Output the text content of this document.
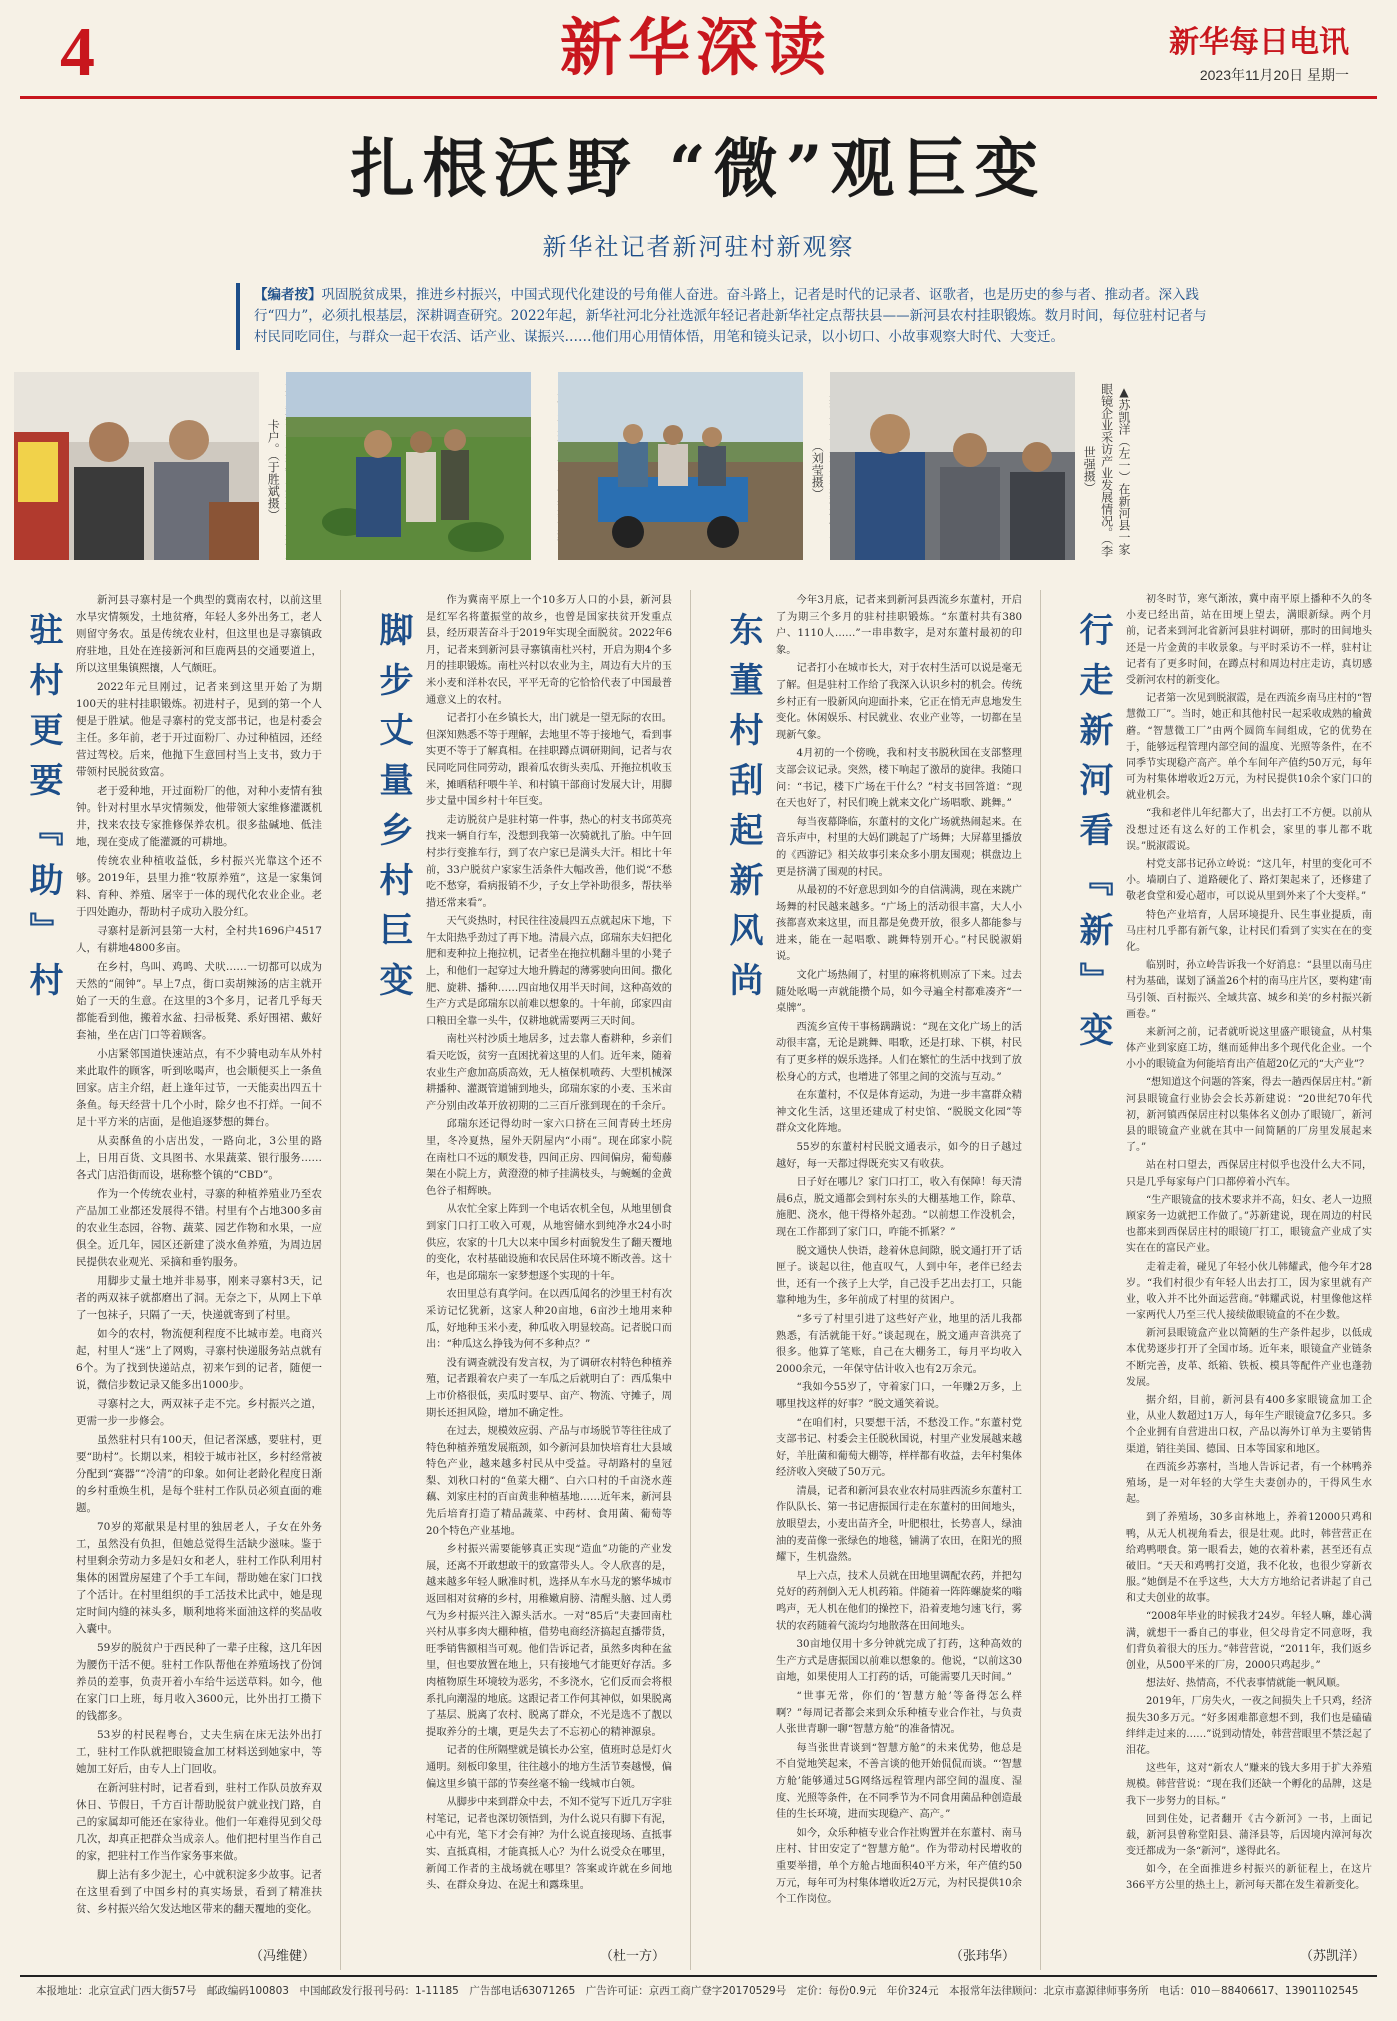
4	新华深读	新华每日电讯
2023年11月20日 星期一
扎根沃野 “微”观巨变
新华社记者新河驻村新观察
【编者按】巩固脱贫成果，推进乡村振兴，中国式现代化建设的号角催人奋进。奋斗路上，记者是时代的记录者、讴歌者，也是历史的参与者、推动者。深入践行“四力”，必须扎根基层，深耕调查研究。2022年起，新华社河北分社选派年轻记者赴新华社定点帮扶县——新河县农村挂职锻炼。数月时间，每位驻村记者与村民同吃同住，与群众一起干农活、话产业、谋振兴……他们用心用情体悟，用笔和镜头记录，以小切口、小故事观察大时代、大变迁。
卡户。（于胜斌摄）	（刘莹摄）	▲苏凯洋（左一）在新河县一家眼镜企业采访产业发展情况。（李世强摄）
驻村更要『助』村

新河县寻寨村是一个典型的冀南农村，以前这里水旱灾情频发，土地贫瘠，年轻人多外出务工，老人则留守务农。虽是传统农业村，但这里也是寻寨镇政府驻地，且处在连接新河和巨鹿两县的交通要道上，所以这里集镇熙攘，人气颇旺。

2022年元旦刚过，记者来到这里开始了为期100天的驻村挂职锻炼。初进村子，见到的第一个人便是于胜斌。他是寻寨村的党支部书记，也是村委会主任。多年前，老于开过面粉厂、办过种植园，还经营过驾校。后来，他抛下生意回村当上支书，致力于带领村民脱贫致富。

老于爱种地，开过面粉厂的他，对种小麦情有独钟。针对村里水旱灾情频发，他带领大家维修灌溉机井，找来农技专家推修保养农机。很多盐碱地、低洼地，现在变成了能灌溉的可耕地。

传统农业种植收益低，乡村振兴光靠这个还不够。2019年，县里力推“牧原养殖”，这是一家集饲料、育种、养殖、屠宰于一体的现代化农业企业。老于四处跑办，帮助村子成功入股分红。

寻寨村是新河县第一大村，全村共1696户4517人，有耕地4800多亩。

在乡村，鸟叫、鸡鸣、犬吠……一切都可以成为天然的“闹钟”。早上7点，街口卖胡辣汤的店主就开始了一天的生意。在这里的3个多月，记者几乎每天都能看到他，搬着水盆、扫帚板凳、系好围裙、戴好套袖，坐在店门口等着顾客。

小店紧邻国道快速站点，有不少骑电动车从外村来此取件的顾客，听到吆喝声，也会顺便买上一条鱼回家。店主介绍，赶上逢年过节，一天能卖出四五十条鱼。每天经营十几个小时，除夕也不打烊。一间不足十平方米的店面，是他追逐梦想的舞台。

从卖酥鱼的小店出发，一路向北，3公里的路上，日用百货、文具图书、水果蔬菜、银行服务……各式门店沿街而设，堪称整个镇的“CBD”。

作为一个传统农业村，寻寨的种植养殖业乃至农产品加工业都还发展得不错。村里有个占地300多亩的农业生态园，谷物、蔬菜、园艺作物和水果，一应俱全。近几年，园区还新建了淡水鱼养殖，为周边居民提供农业观光、采摘和垂钓服务。

用脚步丈量土地并非易事，刚来寻寨村3天，记者的两双袜子就都磨出了洞。无奈之下，从网上下单了一包袜子，只隔了一天，快递就寄到了村里。

如今的农村，物流便利程度不比城市差。电商兴起，村里人“迷”上了网购，寻寨村快递服务站点就有6个。为了找到快递站点，初来乍到的记者，随便一说，微信步数记录又能多出1000步。

寻寨村之大，两双袜子走不完。乡村振兴之道，更需一步一步修会。

虽然驻村只有100天，但记者深感，要驻村，更要“助村”。长期以来，相较于城市社区，乡村经常被分配到“赛器”“冷清”的印象。如何让老龄化程度日渐的乡村重焕生机，是每个驻村工作队员必须直面的难题。

70岁的郑献果是村里的独居老人，子女在外务工，虽然没有负担，但她总觉得生活缺少滋味。鉴于村里剩余劳动力多是妇女和老人，驻村工作队利用村集体的困置房屋建了个手工车间，帮助她在家门口找了个活计。在村里组织的手工活技术比武中，她是现定时间内缝的袜头多，顺利地将米面油这样的奖品收入囊中。

59岁的脱贫户于西民种了一辈子庄稼，这几年因为腰伤干活不便。驻村工作队帮他在养殖场找了份饲养员的差事，负责开着小车给牛运送草料。如今，他在家门口上班，每月收入3600元，比外出打工攒下的钱都多。

53岁的村民程粤台，丈夫生病在床无法外出打工，驻村工作队就把眼镜盒加工材料送到她家中，等她加工好后，由专人上门回收。

在新河驻村时，记者看到，驻村工作队员放弃双休日、节假日，千方百计帮助脱贫户就业找门路，自己的家属却可能还在家待业。他们一年难得见到父母几次，却真正把群众当成亲人。他们把村里当作自己的家，把驻村工作当作家务事来做。

脚上沾有多少泥土，心中就积淀多少故事。记者在这里看到了中国乡村的真实场景，看到了精准扶贫、乡村振兴给欠发达地区带来的翻天覆地的变化。

（冯维健）
脚步丈量乡村巨变

作为冀南平原上一个10多万人口的小县，新河县是红军名将董振堂的故乡，也曾是国家扶贫开发重点县，经历艰苦奋斗于2019年实现全面脱贫。2022年6月，记者来到新河县寻寨镇南杜兴村，开启为期4个多月的挂职锻炼。南杜兴村以农业为主，周边有大片的玉米小麦和洋朴农民，平平无奇的它恰恰代表了中国最普通意义上的农村。

记者打小在乡镇长大，出门就是一望无际的农田。但深知熟悉不等于理解，去地里不等于接地气，看到事实更不等于了解真相。在挂职蹲点调研期间，记者与农民同吃同住同劳动，跟着瓜农街头卖瓜、开拖拉机收玉米，摊晒秸秆喂牛羊、和村镇干部商讨发展大计，用脚步丈量中国乡村十年巨变。

走访脱贫户是驻村第一件事，热心的村支书邱英亮找来一辆自行车，没想到我第一次骑就扎了胎。中午回村歩行变推车行，到了农户家已是满头大汗。相比十年前，33户脱贫户家家生活条件大幅改善，他们说“不愁吃不愁穿，看病报销不少，子女上学补助很多，帮扶举措还常来看”。

天气炎热时，村民往往凌晨四五点就起床下地，下午太阳热乎劲过了再下地。清晨六点，邱瑞东夫妇把化肥和麦种拉上拖拉机，记者坐在拖拉机翻斗里的小凳子上，和他们一起穿过大地升腾起的薄雾驶向田间。撒化肥、旋耕、播种……四亩地仅用半天时间，这种高效的生产方式是邱瑞东以前难以想象的。十年前，邱家四亩口粮田全靠一头牛，仅耕地就需要两三天时间。

南杜兴村沙质土地居多，过去靠人畜耕种，乡亲们看天吃饭，贫穷一直困扰着这里的人们。近年来，随着农业生产愈加高质高效，无人植保机喷药、大型机械深耕播种、灌溉管道铺到地头，邱瑞东家的小麦、玉米亩产分别由改革开放初期的二三百斤涨到现在的千余斤。

邱瑞东还记得幼时一家六口挤在三间青砖土坯房里，冬冷夏热，屋外天阴屋内“小雨”。现在邱家小院在南杜口不远的顺发巷，四间正房、四间偏房，葡萄藤架在小院上方，黄澄澄的柿子挂满枝头，与蜿蜒的金黄色谷子相辉映。

从农忙全家上阵到一个电话农机全包，从地里刨食到家门口打工收入可观，从地窖储水到纯净水24小时供应，农家的十几大以来中国乡村面貌发生了翻天覆地的变化，农村基础设施和农民居住环境不断改善。这十年，也是邱瑞东一家梦想逐个实现的十年。

农田里总有真学问。在以西瓜闻名的沙里王村有次采访记忆犹新，这家人种20亩地，6亩沙土地用来种瓜，好地种玉米小麦，种瓜收入明显较高。记者脱口而出：“种瓜这么挣钱为何不多种点？”

没有调查就没有发言权，为了调研农村特色种植养殖，记者跟着农户卖了一车瓜之后就明白了：西瓜集中上市价格很低，卖瓜时要早、亩产、物流、守摊子，周期长还担风险，增加不确定性。

在过去，规模效应弱、产品与市场脱节等往往成了特色种植养殖发展瓶颈，如今新河县加快培育壮大县域特色产业，越来越多村民从中受益。寻胡路村的皇冠梨、刘秋口村的“鱼菜大棚”、白六口村的千亩浇水莲藕、刘家庄村的百亩黄韭种植基地……近年来，新河县先后培育打造了精品蔬菜、中药材、食用菌、葡萄等20个特色产业基地。

乡村振兴需要能够真正实现“造血”功能的产业发展，还离不开敢想敢干的致富带头人。令人欣喜的是，越来越多年轻人瞅准时机，选择从车水马龙的繁华城市返回相对贫瘠的乡村，用稚嫩肩膀、清醒头脑、过人勇气为乡村振兴注入源头活水。一对“85后”夫妻回南杜兴村从事多肉大棚种植，借势电商经济搞起直播带货，旺季销售额相当可观。他们告诉记者，虽然多肉种在盆里，但也要放置在地上，只有接地气才能更好存活。多肉植物原生环境较为恶劣，不多浇水，它们反而会将根系扎向潮湿的地底。这跟记者工作何其神似，如果脱离了基层、脱离了农村、脱离了群众，不光是选不了靓以提取养分的土壤，更是失去了不忘初心的精神源泉。

记者的住所隔壁就是镇长办公室，值班时总是灯火通明。刻板印象里，往往越小的地方生活节奏越慢，偏偏这里乡镇干部的节奏丝毫不输一线城市白领。

从脚步中来到群众中去，不知不觉写下近几万字驻村笔记，记者也深切领悟到，为什么说只有脚下有泥，心中有光，笔下才会有神？为什么说直接现场、直抵事实、直抵真相，才能真抵人心？为什么说受众在哪里，新闻工作者的主战场就在哪里？答案或许就在乡间地头、在群众身边、在泥土和露珠里。

（杜一方）
东董村刮起新风尚

今年3月底，记者来到新河县西流乡东董村，开启了为期三个多月的驻村挂职锻炼。“东董村共有380户、1110人……”一串串数字，是对东董村最初的印象。

记者打小在城市长大，对于农村生活可以说是毫无了解。但是驻村工作给了我深入认识乡村的机会。传统乡村正有一股新风向迎面扑来，它正在悄无声息地发生变化。休闲娱乐、村民就业、农业产业等，一切都在呈现新气象。

4月初的一个傍晚，我和村支书脱秋国在支部整理支部会议记录。突然，楼下响起了激昂的旋律。我随口问：“书记，楼下广场在干什么？”村支书回答道：“现在天也好了，村民们晚上就来文化广场唱歌、跳舞。”

每当夜幕降临，东董村的文化广场就热闹起来。在音乐声中，村里的大妈们跳起了广场舞；大屏幕里播放的《西游记》相关故事引来众多小朋友围观；棋盘边上更是挤满了围观的村民。

从最初的不好意思到如今的自信满满，现在来跳广场舞的村民越来越多。“广场上的活动很丰富，大人小孩都喜欢来这里，而且都是免费开放，很多人都能参与进来，能在一起唱歌、跳舞特别开心。”村民脱淑娟说。

文化广场热闹了，村里的麻将机则凉了下来。过去随处吆喝一声就能攒个局，如今寻遍全村都难凑齐“一桌牌”。

西流乡宣传干事杨蹒蹒说：“现在文化广场上的活动很丰富，无论是跳舞、唱歌，还是打球、下棋，村民有了更多样的娱乐选择。人们在繁忙的生活中找到了放松身心的方式，也增进了邻里之间的交流与互动。”

在东董村，不仅是体育运动，为进一步丰富群众精神文化生活，这里还建成了村史馆、“脱脱文化园”等群众文化阵地。

55岁的东董村村民脱文通表示，如今的日子越过越好，每一天都过得既充实又有收获。

日子好在哪儿？家门口打工，收入有保障！每天清晨6点，脱文通都会到村东头的大棚基地工作，除草、施肥、浇水，他干得格外起劲。“以前想工作没机会，现在工作都到了家门口，咋能不抓紧？”

脱文通快人快语，趁着休息间隙，脱文通打开了话匣子。谈起以往，他直叹气，人到中年，老伴已经去世，还有一个孩子上大学，自己没手艺出去打工，只能靠种地为生，多年前成了村里的贫困户。

“多亏了村里引进了这些好产业，地里的活儿我都熟悉，有活就能干好。”谈起现在，脱文通声音洪亮了很多。他算了笔账，自己在大棚务工，每月平均收入2000余元，一年保守估计收入也有2万余元。

“我如今55岁了，守着家门口，一年赚2万多，上哪里找这样的好事？”脱文通笑着说。

“在咱们村，只要想干活，不愁没工作。”东董村党支部书记、村委会主任脱秋国说，村里产业发展越来越好，羊肚菌和葡萄大棚等，样样都有收益，去年村集体经济收入突破了50万元。

清晨，记者和新河县农业农村局驻西流乡东董村工作队队长、第一书记唐振国行走在东董村的田间地头，放眼望去，小麦出苗齐全，叶肥根壮，长势喜人，绿油油的麦苗像一张绿色的地毯，铺满了农田，在阳光的照耀下，生机盎然。

早上六点，技术人员就在田地里调配农药，并把勾兑好的药剂倒入无人机药箱。伴随着一阵阵螺旋桨的嗡鸣声，无人机在他们的操控下，沿着麦地匀速飞行，雾状的农药随着气流均匀地散落在田间地头。

30亩地仅用十多分钟就完成了打药，这种高效的生产方式是唐振国以前难以想象的。他说，“以前这30亩地，如果使用人工打药的话，可能需要几天时间。”

“世事无常，你们的‘智慧方舱’等备得怎么样啊？”每周记者都会来到众乐种植专业合作社，与负责人张世青聊一聊“智慧方舱”的准备情况。

每当张世青谈到“智慧方舱”的未来优势，他总是不自觉地笑起来，不善言谈的他开始侃侃而谈。“‘智慧方舱’能够通过5G网络远程管理内部空间的温度、湿度、光照等条件，在不同季节为不同食用菌品种创造最佳的生长环境，进而实现稳产、高产。”

如今，众乐种植专业合作社购置并在东董村、南马庄村、甘田安定了“智慧方舱”。作为带动村民增收的重要举措，单个方舱占地面积40平方米，年产值约50万元，每年可为村集体增收近2万元，为村民提供10余个工作岗位。

（张玮华）
行走新河看『新』变

初冬时节，寒气渐浓，冀中南平原上播种不久的冬小麦已经出苗，站在田埂上望去，满眼新绿。两个月前，记者来到河北省新河县驻村调研，那时的田间地头还是一片金黄的丰收景象。与平时采访不一样，驻村让记者有了更多时间，在蹲点村和周边村庄走访，真切感受新河农村的新变化。

记者第一次见到脱淑霞，是在西流乡南马庄村的“智慧微工厂”。当时，她正和其他村民一起采收成熟的榆黄蘑。“智慧微工厂”由两个圆筒车间组成，它的优势在于，能够远程管理内部空间的温度、光照等条件，在不同季节实现稳产高产。单个车间年产值约50万元，每年可为村集体增收近2万元，为村民提供10余个家门口的就业机会。

“我和老伴儿年纪都大了，出去打工不方便。以前从没想过还有这么好的工作机会，家里的事儿都不耽误。”脱淑霞说。

村党支部书记孙立岭说：“这几年，村里的变化可不小。墙刷白了、道路硬化了、路灯架起来了，还修建了敬老食堂和爱心超市，可以说从里到外来了个大变样。”

特色产业培育，人居环境提升、民生事业提质，南马庄村几乎都有新气象，让村民们看到了实实在在的变化。

临别时，孙立岭告诉我一个好消息：“县里以南马庄村为基础，谋划了涵盖26个村的南马庄片区，要构建‘南马引领、百村振兴、全域共富、城乡和美’的乡村振兴新画卷。”

来新河之前，记者就听说这里盛产眼镜盒，从村集体产业到家庭工坊，继而延伸出多个现代化企业。一个小小的眼镜盒为何能培育出产值超20亿元的“大产业”？

“想知道这个问题的答案，得去一趟西保居庄村。”新河县眼镜盒行业协会会长苏新建说：“20世纪70年代初，新河镇西保居庄村以集体名义创办了眼镜厂，新河县的眼镜盒产业就在其中一间简陋的厂房里发展起来了。”

站在村口望去，西保居庄村似乎也没什么大不同，只是几乎每家每户门口都停着小汽车。

“生产眼镜盒的技术要求并不高，妇女、老人一边照顾家务一边就把工作做了。”苏新建说，现在周边的村民也都来到西保居庄村的眼镜厂打工，眼镜盒产业成了实实在在的富民产业。

走着走着，碰见了年轻小伙儿韩耀武，他今年才28岁。“我们村很少有年轻人出去打工，因为家里就有产业，收入并不比外面运营商。”韩耀武说，村里像他这样一家两代人乃至三代人接续做眼镜盒的不在少数。

新河县眼镜盒产业以简陋的生产条件起步，以低成本优势逐步打开了全国市场。近年来，眼镜盒产业链条不断完善，皮革、纸箱、铁板、模具等配件产业也蓬勃发展。

据介绍，目前，新河县有400多家眼镜盒加工企业，从业人数超过1万人，每年生产眼镜盒7亿多只。多个企业拥有自营进出口权，产品以海外订单为主要销售渠道，销往美国、德国、日本等国家和地区。

在西流乡苏寨村，当地人告诉记者，有一个林鸭养殖场，是一对年轻的大学生夫妻创办的，干得风生水起。

到了养殖场，30多亩林地上，养着12000只鸡和鸭，从无人机视角看去，很是壮观。此时，韩营营正在给鸡鸭喂食。第一眼看去，她的衣着朴素，甚至还有点破旧。“天天和鸡鸭打交道，我不化妆，也很少穿新衣服。”她倒是不在乎这些，大大方方地给记者讲起了自己和丈夫创业的故事。

“2008年毕业的时候我才24岁。年轻人嘛，雄心满满，就想干一番自己的事业，但父母肯定不同意呀，我们背负着很大的压力。”韩营营说，“2011年，我们返乡创业，从500平米的厂房，2000只鸡起步。”

想法好、热情高，不代表事情就能一帆风顺。

2019年，厂房失火，一夜之间损失上千只鸡，经济损失30多万元。“好多困难都意想不到，我们也是磕磕绊绊走过来的……”说到动情处，韩营营眼里不禁泛起了泪花。

这些年，这对“新农人”赚来的钱大多用于扩大养殖规模。韩营营说：“现在我们还缺一个孵化的品牌，这是我下一步努力的目标。”

回到住处，记者翻开《古今新河》一书，上面记载，新河县曾称堂阳县、蒲泽县等，后因境内漳河每次变迁都成为一条“新河”，遂得此名。

如今，在全面推进乡村振兴的新征程上，在这片366平方公里的热土上，新河每天都在发生着新变化。

（苏凯洋）
本报地址：北京宣武门西大街57号　邮政编码100803　中国邮政发行报刊号码：1-11185　广告部电话63071265　广告许可证：京西工商广登字20170529号　定价：每份0.9元　年价324元　本报常年法律顾问：北京市嘉源律师事务所　电话：010－88406617、13901102545
